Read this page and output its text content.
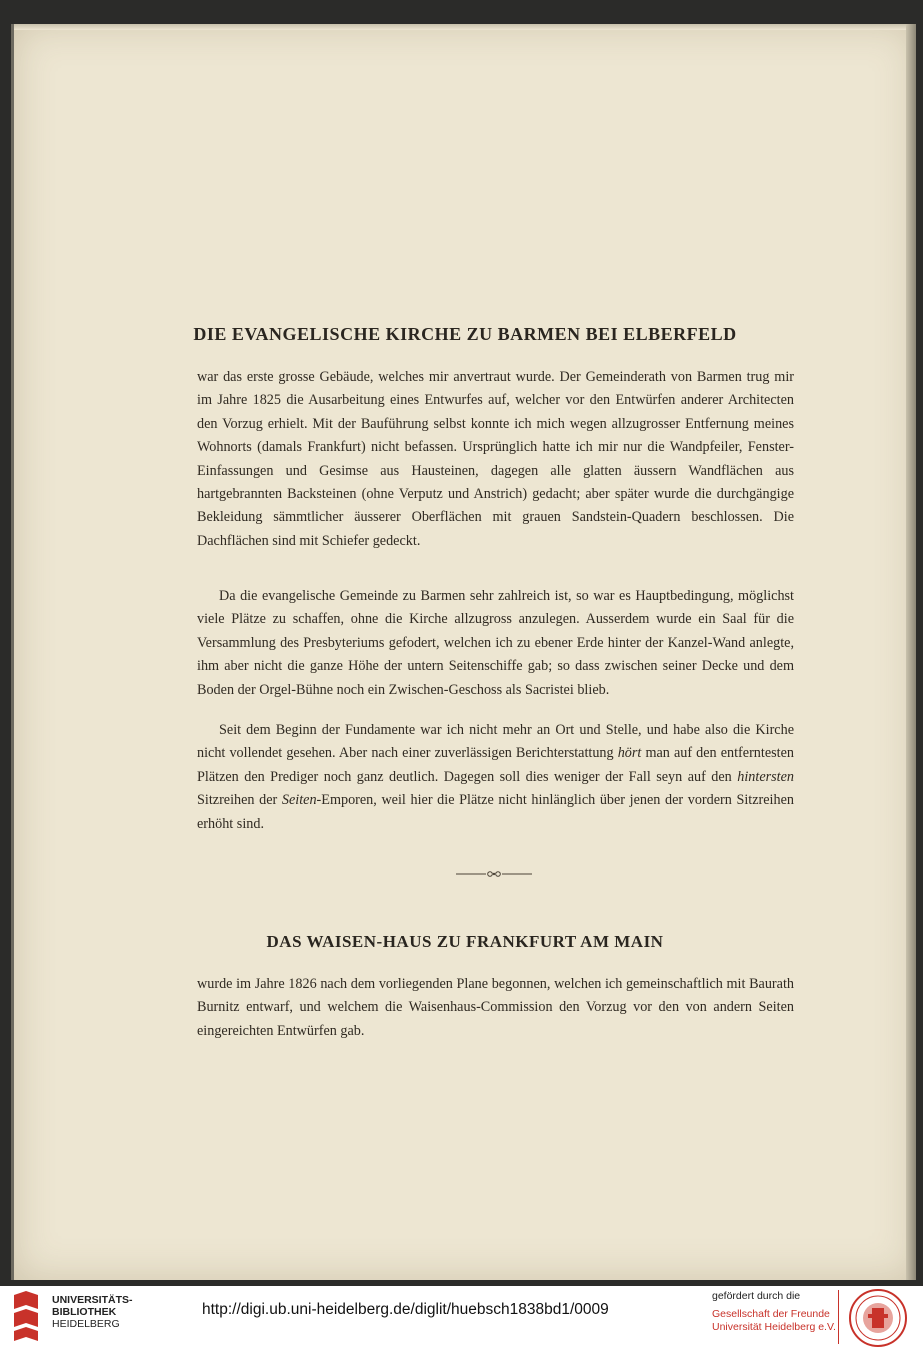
DIE EVANGELISCHE KIRCHE ZU BARMEN BEI ELBERFELD

war das erste grosse Gebäude, welches mir anvertraut wurde. Der Gemeinderath von Barmen trug mir im Jahre 1825 die Ausarbeitung eines Entwurfes auf, welcher vor den Entwürfen anderer Architecten den Vorzug erhielt. Mit der Bauführung selbst konnte ich mich wegen allzugrosser Entfernung meines Wohnorts (damals Frankfurt) nicht befassen. Ursprünglich hatte ich mir nur die Wandpfeiler, Fenster-Einfassungen und Gesimse aus Hausteinen, dagegen alle glatten äussern Wandflächen aus hartgebrannten Backsteinen (ohne Verputz und Anstrich) gedacht; aber später wurde die durchgängige Bekleidung sämmtlicher äusserer Oberflächen mit grauen Sandstein-Quadern beschlossen. Die Dachflächen sind mit Schiefer gedeckt.

Da die evangelische Gemeinde zu Barmen sehr zahlreich ist, so war es Hauptbedingung, möglichst viele Plätze zu schaffen, ohne die Kirche allzugross anzulegen. Ausserdem wurde ein Saal für die Versammlung des Presbyteriums gefodert, welchen ich zu ebener Erde hinter der Kanzel-Wand anlegte, ihm aber nicht die ganze Höhe der untern Seitenschiffe gab; so dass zwischen seiner Decke und dem Boden der Orgel-Bühne noch ein Zwischen-Geschoss als Sacristei blieb.

Seit dem Beginn der Fundamente war ich nicht mehr an Ort und Stelle, und habe also die Kirche nicht vollendet gesehen. Aber nach einer zuverlässigen Berichterstattung hört man auf den entferntesten Plätzen den Prediger noch ganz deutlich. Dagegen soll dies weniger der Fall seyn auf den hintersten Sitzreihen der Seiten-Emporen, weil hier die Plätze nicht hinlänglich über jenen der vordern Sitzreihen erhöht sind.

DAS WAISEN-HAUS ZU FRANKFURT AM MAIN

wurde im Jahre 1826 nach dem vorliegenden Plane begonnen, welchen ich gemeinschaftlich mit Baurath Burnitz entwarf, und welchem die Waisenhaus-Commission den Vorzug vor den von andern Seiten eingereichten Entwürfen gab.

UNIVERSITÄTS-
BIBLIOTHEK
HEIDELBERG
http://digi.ub.uni-heidelberg.de/diglit/huebsch1838bd1/0009
gefördert durch die
Gesellschaft der Freunde
Universität Heidelberg e.V.
